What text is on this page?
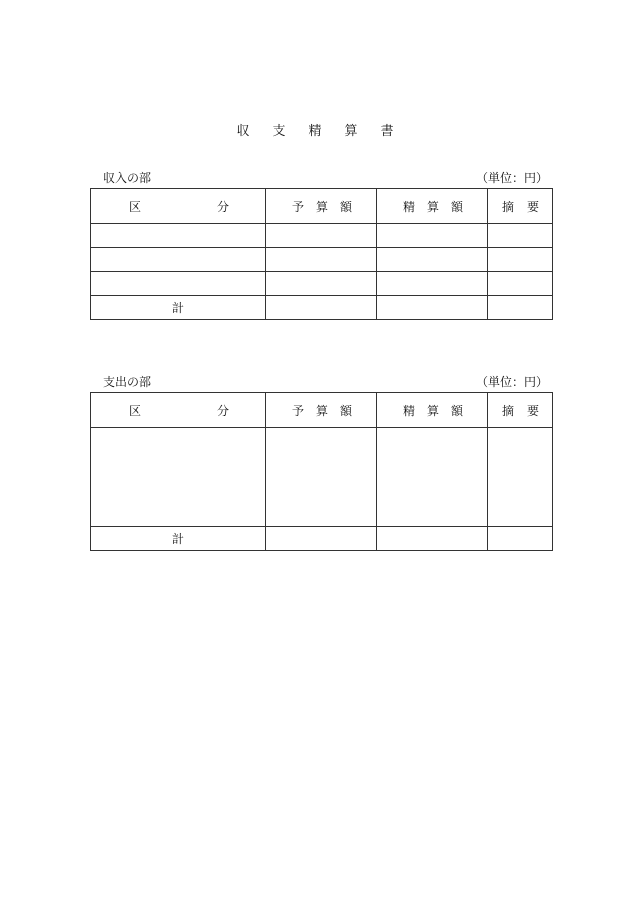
収 支 精 算 書
収入の部	（単位：円）
区 分	予 算 額	精 算 額	摘 要

計			
支出の部	（単位：円）
区 分	予 算 額	精 算 額	摘 要

計			
